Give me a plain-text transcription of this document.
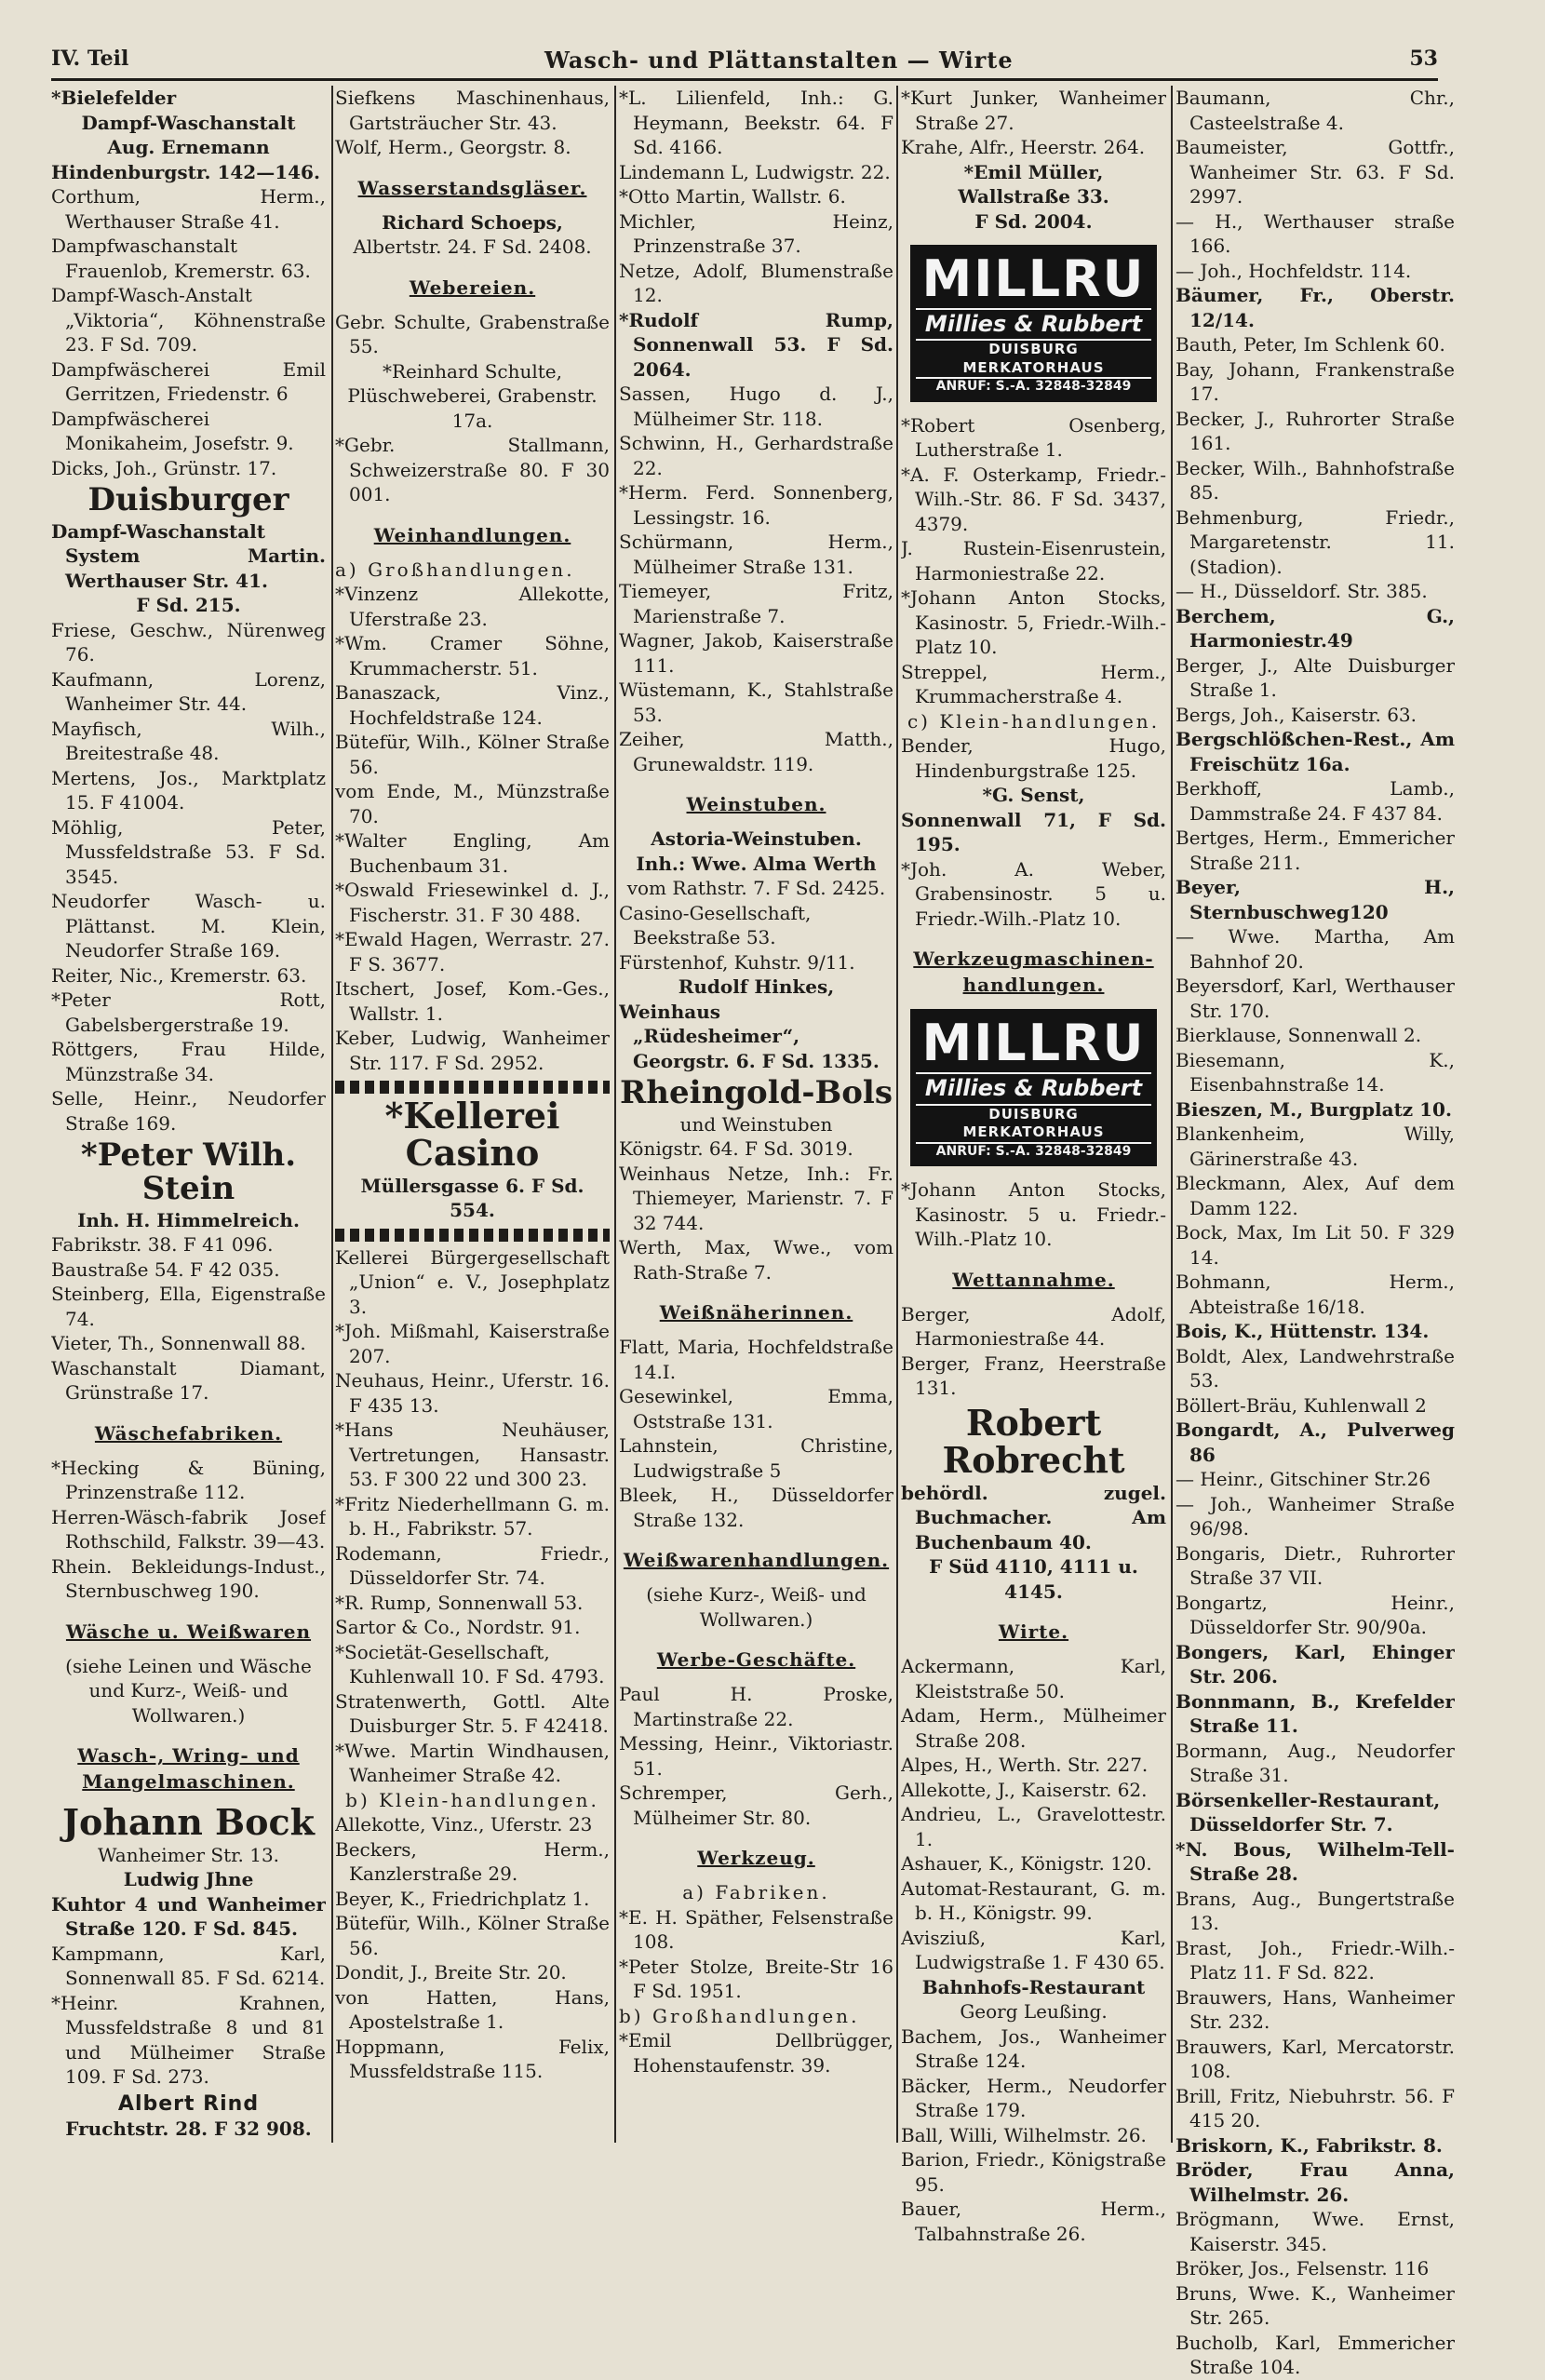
IV. Teil	Wasch- und Plättanstalten — Wirte	53
*Bielefelder
Dampf-Waschanstalt
Aug. Ernemann
Hindenburgstr. 142—146.
Corthum, Herm., Werthauser Straße 41.
Dampfwaschanstalt Frauenlob, Kremerstr. 63.
Dampf-Wasch-Anstalt „Viktoria“, Köhnenstraße 23. F Sd. 709.
Dampfwäscherei Emil Gerritzen, Friedenstr. 6
Dampfwäscherei Monikaheim, Josefstr. 9.
Dicks, Joh., Grünstr. 17.
Duisburger
Dampf-Waschanstalt System Martin. Werthauser Str. 41.
F Sd. 215.
Friese, Geschw., Nürenweg 76.
Kaufmann, Lorenz, Wanheimer Str. 44.
Mayfisch, Wilh., Breitestraße 48.
Mertens, Jos., Marktplatz 15. F 41004.
Möhlig, Peter, Mussfeldstraße 53. F Sd. 3545.
Neudorfer Wasch- u. Plättanst. M. Klein, Neudorfer Straße 169.
Reiter, Nic., Kremerstr. 63.
*Peter Rott, Gabelsbergerstraße 19.
Röttgers, Frau Hilde, Münzstraße 34.
Selle, Heinr., Neudorfer Straße 169.
*Peter Wilh. Stein
Inh. H. Himmelreich.
Fabrikstr. 38. F 41 096.
Baustraße 54. F 42 035.
Steinberg, Ella, Eigenstraße 74.
Vieter, Th., Sonnenwall 88.
Waschanstalt Diamant, Grünstraße 17.
Wäschefabriken.
*Hecking & Büning, Prinzenstraße 112.
Herren-Wäsch-fabrik Josef Rothschild, Falkstr. 39—43.
Rhein. Bekleidungs-Indust., Sternbuschweg 190.
Wäsche u. Weißwaren
(siehe Leinen und Wäsche und Kurz-, Weiß- und Wollwaren.)
Wasch-, Wring- und Mangelmaschinen.
Johann Bock
Wanheimer Str. 13.
Ludwig Jhne
Kuhtor 4 und Wanheimer Straße 120. F Sd. 845.
Kampmann, Karl, Sonnenwall 85. F Sd. 6214.
*Heinr. Krahnen, Mussfeldstraße 8 und 81 und Mülheimer Straße 109. F Sd. 273.
Albert Rind
Fruchtstr. 28. F 32 908.
Siefkens Maschinenhaus, Gartsträucher Str. 43.
Wolf, Herm., Georgstr. 8.
Wasserstandsgläser.
Richard Schoeps,
Albertstr. 24. F Sd. 2408.
Webereien.
Gebr. Schulte, Grabenstraße 55.
*Reinhard Schulte, Plüschweberei, Grabenstr. 17a.
*Gebr. Stallmann, Schweizerstraße 80. F 30 001.
Weinhandlungen.
a) Großhandlungen.
*Vinzenz Allekotte, Uferstraße 23.
*Wm. Cramer Söhne, Krummacherstr. 51.
Banaszack, Vinz., Hochfeldstraße 124.
Bütefür, Wilh., Kölner Straße 56.
vom Ende, M., Münzstraße 70.
*Walter Engling, Am Buchenbaum 31.
*Oswald Friesewinkel d. J., Fischerstr. 31. F 30 488.
*Ewald Hagen, Werrastr. 27. F S. 3677.
Itschert, Josef, Kom.-Ges., Wallstr. 1.
Keber, Ludwig, Wanheimer Str. 117. F Sd. 2952.
*Kellerei Casino
Müllersgasse 6. F Sd. 554.
Kellerei Bürgergesellschaft „Union“ e. V., Josephplatz 3.
*Joh. Mißmahl, Kaiserstraße 207.
Neuhaus, Heinr., Uferstr. 16. F 435 13.
*Hans Neuhäuser, Vertretungen, Hansastr. 53. F 300 22 und 300 23.
*Fritz Niederhellmann G. m. b. H., Fabrikstr. 57.
Rodemann, Friedr., Düsseldorfer Str. 74.
*R. Rump, Sonnenwall 53.
Sartor & Co., Nordstr. 91.
*Societät-Gesellschaft, Kuhlenwall 10. F Sd. 4793.
Stratenwerth, Gottl. Alte Duisburger Str. 5. F 42418.
*Wwe. Martin Windhausen, Wanheimer Straße 42.
b) Klein-handlungen.
Allekotte, Vinz., Uferstr. 23
Beckers, Herm., Kanzlerstraße 29.
Beyer, K., Friedrichplatz 1.
Bütefür, Wilh., Kölner Straße 56.
Dondit, J., Breite Str. 20.
von Hatten, Hans, Apostelstraße 1.
Hoppmann, Felix, Mussfeldstraße 115.
*L. Lilienfeld, Inh.: G. Heymann, Beekstr. 64. F Sd. 4166.
Lindemann L, Ludwigstr. 22.
*Otto Martin, Wallstr. 6.
Michler, Heinz, Prinzenstraße 37.
Netze, Adolf, Blumenstraße 12.
*Rudolf Rump, Sonnenwall 53. F Sd. 2064.
Sassen, Hugo d. J., Mülheimer Str. 118.
Schwinn, H., Gerhardstraße 22.
*Herm. Ferd. Sonnenberg, Lessingstr. 16.
Schürmann, Herm., Mülheimer Straße 131.
Tiemeyer, Fritz, Marienstraße 7.
Wagner, Jakob, Kaiserstraße 111.
Wüstemann, K., Stahlstraße 53.
Zeiher, Matth., Grunewaldstr. 119.
Weinstuben.
Astoria-Weinstuben.
Inh.: Wwe. Alma Werth
vom Rathstr. 7. F Sd. 2425.
Casino-Gesellschaft, Beekstraße 53.
Fürstenhof, Kuhstr. 9/11.
Rudolf Hinkes,
Weinhaus „Rüdesheimer“, Georgstr. 6. F Sd. 1335.
Rheingold-Bols
und Weinstuben
Königstr. 64. F Sd. 3019.
Weinhaus Netze, Inh.: Fr. Thiemeyer, Marienstr. 7. F 32 744.
Werth, Max, Wwe., vom Rath-Straße 7.
Weißnäherinnen.
Flatt, Maria, Hochfeldstraße 14.I.
Gesewinkel, Emma, Oststraße 131.
Lahnstein, Christine, Ludwigstraße 5
Bleek, H., Düsseldorfer Straße 132.
Weißwarenhandlungen.
(siehe Kurz-, Weiß- und Wollwaren.)
Werbe-Geschäfte.
Paul H. Proske, Martinstraße 22.
Messing, Heinr., Viktoriastr. 51.
Schremper, Gerh., Mülheimer Str. 80.
Werkzeug.
a) Fabriken.
*E. H. Späther, Felsenstraße 108.
*Peter Stolze, Breite-Str 16 F Sd. 1951.
b) Großhandlungen.
*Emil Dellbrügger, Hohenstaufenstr. 39.
*Kurt Junker, Wanheimer Straße 27.
Krahe, Alfr., Heerstr. 264.
*Emil Müller,
Wallstraße 33.
F Sd. 2004.
MILLRU
Millies & Rubbert
DUISBURG MERKATORHAUS
ANRUF: S.-A. 32848-32849
*Robert Osenberg, Lutherstraße 1.
*A. F. Osterkamp, Friedr.-Wilh.-Str. 86. F Sd. 3437, 4379.
J. Rustein-Eisenrustein, Harmoniestraße 22.
*Johann Anton Stocks, Kasinostr. 5, Friedr.-Wilh.-Platz 10.
Streppel, Herm., Krummacherstraße 4.
c) Klein-handlungen.
Bender, Hugo, Hindenburgstraße 125.
*G. Senst,
Sonnenwall 71, F Sd. 195.
*Joh. A. Weber, Grabensinostr. 5 u. Friedr.-Wilh.-Platz 10.
Werkzeugmaschinen-handlungen.
MILLRU
Millies & Rubbert
DUISBURG MERKATORHAUS
ANRUF: S.-A. 32848-32849
*Johann Anton Stocks, Kasinostr. 5 u. Friedr.-Wilh.-Platz 10.
Wettannahme.
Berger, Adolf, Harmoniestraße 44.
Berger, Franz, Heerstraße 131.
Robert Robrecht
behördl. zugel. Buchmacher. Am Buchenbaum 40.
F Süd 4110, 4111 u. 4145.
Wirte.
Ackermann, Karl, Kleiststraße 50.
Adam, Herm., Mülheimer Straße 208.
Alpes, H., Werth. Str. 227.
Allekotte, J., Kaiserstr. 62.
Andrieu, L., Gravelottestr. 1.
Ashauer, K., Königstr. 120.
Automat-Restaurant, G. m. b. H., Königstr. 99.
Avisziuß, Karl, Ludwigstraße 1. F 430 65.
Bahnhofs-Restaurant
Georg Leußing.
Bachem, Jos., Wanheimer Straße 124.
Bäcker, Herm., Neudorfer Straße 179.
Ball, Willi, Wilhelmstr. 26.
Barion, Friedr., Königstraße 95.
Bauer, Herm., Talbahnstraße 26.
Baumann, Chr., Casteelstraße 4.
Baumeister, Gottfr., Wanheimer Str. 63. F Sd. 2997.
— H., Werthauser straße 166.
— Joh., Hochfeldstr. 114.
Bäumer, Fr., Oberstr. 12/14.
Bauth, Peter, Im Schlenk 60.
Bay, Johann, Frankenstraße 17.
Becker, J., Ruhrorter Straße 161.
Becker, Wilh., Bahnhofstraße 85.
Behmenburg, Friedr., Margaretenstr. 11. (Stadion).
— H., Düsseldorf. Str. 385.
Berchem, G., Harmoniestr.49
Berger, J., Alte Duisburger Straße 1.
Bergs, Joh., Kaiserstr. 63.
Bergschlößchen-Rest., Am Freischütz 16a.
Berkhoff, Lamb., Dammstraße 24. F 437 84.
Bertges, Herm., Emmericher Straße 211.
Beyer, H., Sternbuschweg120
— Wwe. Martha, Am Bahnhof 20.
Beyersdorf, Karl, Werthauser Str. 170.
Bierklause, Sonnenwall 2.
Biesemann, K., Eisenbahnstraße 14.
Bieszen, M., Burgplatz 10.
Blankenheim, Willy, Gärinerstraße 43.
Bleckmann, Alex, Auf dem Damm 122.
Bock, Max, Im Lit 50. F 329 14.
Bohmann, Herm., Abteistraße 16/18.
Bois, K., Hüttenstr. 134.
Boldt, Alex, Landwehrstraße 53.
Böllert-Bräu, Kuhlenwall 2
Bongardt, A., Pulverweg 86
— Heinr., Gitschiner Str.26
— Joh., Wanheimer Straße 96/98.
Bongaris, Dietr., Ruhrorter Straße 37 VII.
Bongartz, Heinr., Düsseldorfer Str. 90/90a.
Bongers, Karl, Ehinger Str. 206.
Bonnmann, B., Krefelder Straße 11.
Bormann, Aug., Neudorfer Straße 31.
Börsenkeller-Restaurant, Düsseldorfer Str. 7.
*N. Bous, Wilhelm-Tell-Straße 28.
Brans, Aug., Bungertstraße 13.
Brast, Joh., Friedr.-Wilh.-Platz 11. F Sd. 822.
Brauwers, Hans, Wanheimer Str. 232.
Brauwers, Karl, Mercatorstr. 108.
Brill, Fritz, Niebuhrstr. 56. F 415 20.
Briskorn, K., Fabrikstr. 8.
Bröder, Frau Anna, Wilhelmstr. 26.
Brögmann, Wwe. Ernst, Kaiserstr. 345.
Bröker, Jos., Felsenstr. 116
Bruns, Wwe. K., Wanheimer Str. 265.
Bucholb, Karl, Emmericher Straße 104.
